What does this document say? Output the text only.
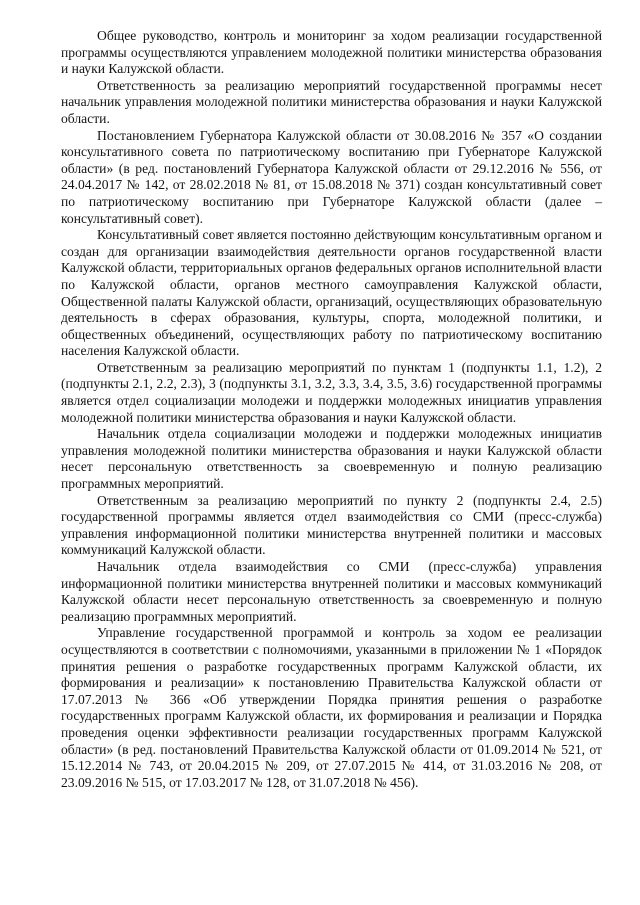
Общее руководство, контроль и мониторинг за ходом реализации государственной программы осуществляются управлением молодежной политики министерства образования и науки Калужской области.

Ответственность за реализацию мероприятий государственной программы несет начальник управления молодежной политики министерства образования и науки Калужской области.

Постановлением Губернатора Калужской области от 30.08.2016 № 357 «О создании консультативного совета по патриотическому воспитанию при Губернаторе Калужской области» (в ред. постановлений Губернатора Калужской области от 29.12.2016 № 556, от 24.04.2017 № 142, от 28.02.2018 № 81, от 15.08.2018 № 371) создан консультативный совет по патриотическому воспитанию при Губернаторе Калужской области (далее – консультативный совет).

Консультативный совет является постоянно действующим консультативным органом и создан для организации взаимодействия деятельности органов государственной власти Калужской области, территориальных органов федеральных органов исполнительной власти по Калужской области, органов местного самоуправления Калужской области, Общественной палаты Калужской области, организаций, осуществляющих образовательную деятельность в сферах образования, культуры, спорта, молодежной политики, и общественных объединений, осуществляющих работу по патриотическому воспитанию населения Калужской области.

Ответственным за реализацию мероприятий по пунктам 1 (подпункты 1.1, 1.2), 2 (подпункты 2.1, 2.2, 2.3), 3 (подпункты 3.1, 3.2, 3.3, 3.4, 3.5, 3.6) государственной программы является отдел социализации молодежи и поддержки молодежных инициатив управления молодежной политики министерства образования и науки Калужской области.

Начальник отдела социализации молодежи и поддержки молодежных инициатив управления молодежной политики министерства образования и науки Калужской области несет персональную ответственность за своевременную и полную реализацию программных мероприятий.

Ответственным за реализацию мероприятий по пункту 2 (подпункты 2.4, 2.5) государственной программы является отдел взаимодействия со СМИ (пресс-служба) управления информационной политики министерства внутренней политики и массовых коммуникаций Калужской области.

Начальник отдела взаимодействия со СМИ (пресс-служба) управления информационной политики министерства внутренней политики и массовых коммуникаций Калужской области несет персональную ответственность за своевременную и полную реализацию программных мероприятий.

Управление государственной программой и контроль за ходом ее реализации осуществляются в соответствии с полномочиями, указанными в приложении № 1 «Порядок принятия решения о разработке государственных программ Калужской области, их формирования и реализации» к постановлению Правительства Калужской области от 17.07.2013 № 366 «Об утверждении Порядка принятия решения о разработке государственных программ Калужской области, их формирования и реализации и Порядка проведения оценки эффективности реализации государственных программ Калужской области» (в ред. постановлений Правительства Калужской области от 01.09.2014 № 521, от 15.12.2014 № 743, от 20.04.2015 № 209, от 27.07.2015 № 414, от 31.03.2016 № 208, от 23.09.2016 № 515, от 17.03.2017 № 128, от 31.07.2018 № 456).
